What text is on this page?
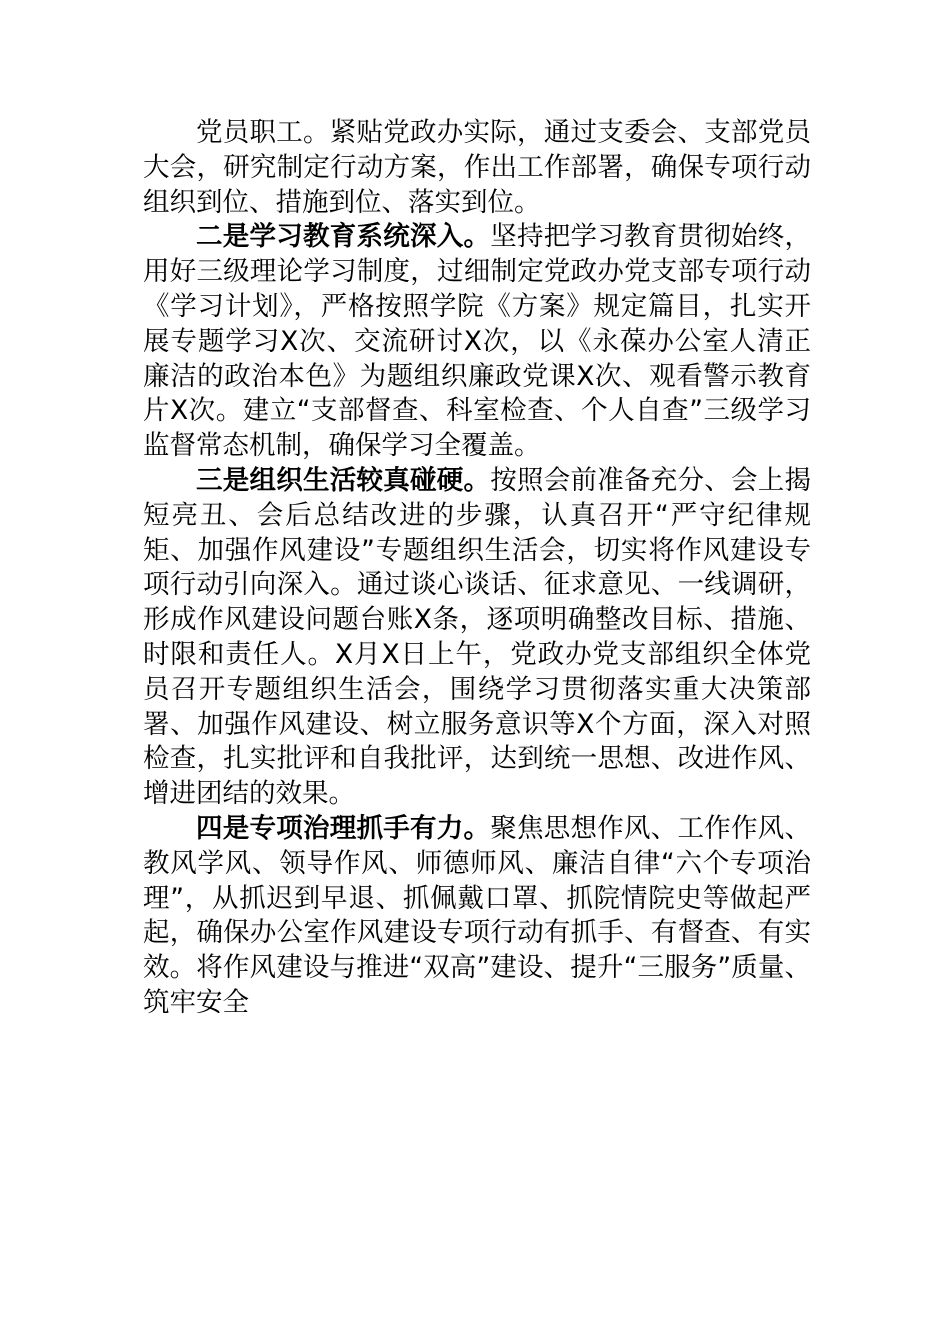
党员职工。紧贴党政办实际，通过支委会、支部党员大会，研究制定行动方案，作出工作部署，确保专项行动组织到位、措施到位、落实到位。

二是学习教育系统深入。坚持把学习教育贯彻始终，用好三级理论学习制度，过细制定党政办党支部专项行动《学习计划》，严格按照学院《方案》规定篇目，扎实开展专题学习X次、交流研讨X次，以《永葆办公室人清正廉洁的政治本色》为题组织廉政党课X次、观看警示教育片X次。建立“支部督查、科室检查、个人自查”三级学习监督常态机制，确保学习全覆盖。

三是组织生活较真碰硬。按照会前准备充分、会上揭短亮丑、会后总结改进的步骤，认真召开“严守纪律规矩、加强作风建设”专题组织生活会，切实将作风建设专项行动引向深入。通过谈心谈话、征求意见、一线调研，形成作风建设问题台账X条，逐项明确整改目标、措施、时限和责任人。X月X日上午，党政办党支部组织全体党员召开专题组织生活会，围绕学习贯彻落实重大决策部署、加强作风建设、树立服务意识等X个方面，深入对照检查，扎实批评和自我批评，达到统一思想、改进作风、增进团结的效果。

四是专项治理抓手有力。聚焦思想作风、工作作风、教风学风、领导作风、师德师风、廉洁自律“六个专项治理”，从抓迟到早退、抓佩戴口罩、抓院情院史等做起严起，确保办公室作风建设专项行动有抓手、有督查、有实效。将作风建设与推进“双高”建设、提升“三服务”质量、筑牢安全
